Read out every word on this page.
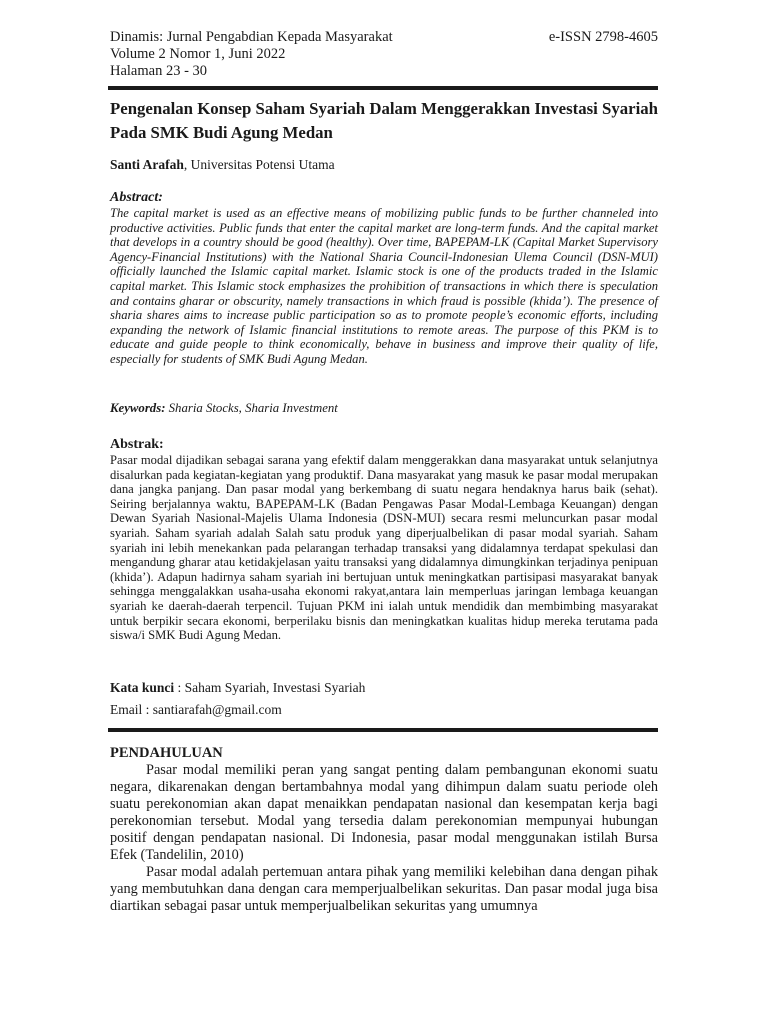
Dinamis: Jurnal Pengabdian Kepada Masyarakat
Volume 2 Nomor 1, Juni 2022
Halaman 23 - 30
e-ISSN 2798-4605
Pengenalan Konsep Saham Syariah Dalam Menggerakkan Investasi Syariah Pada SMK Budi Agung Medan
Santi Arafah, Universitas Potensi Utama
Abstract:
The capital market is used as an effective means of mobilizing public funds to be further channeled into productive activities. Public funds that enter the capital market are long-term funds. And the capital market that develops in a country should be good (healthy). Over time, BAPEPAM-LK (Capital Market Supervisory Agency-Financial Institutions) with the National Sharia Council-Indonesian Ulema Council (DSN-MUI) officially launched the Islamic capital market. Islamic stock is one of the products traded in the Islamic capital market. This Islamic stock emphasizes the prohibition of transactions in which there is speculation and contains gharar or obscurity, namely transactions in which fraud is possible (khida’). The presence of sharia shares aims to increase public participation so as to promote people’s economic efforts, including expanding the network of Islamic financial institutions to remote areas. The purpose of this PKM is to educate and guide people to think economically, behave in business and improve their quality of life, especially for students of SMK Budi Agung Medan.
Keywords: Sharia Stocks, Sharia Investment
Abstrak:
Pasar modal dijadikan sebagai sarana yang efektif dalam menggerakkan dana masyarakat untuk selanjutnya disalurkan pada kegiatan-kegiatan yang produktif. Dana masyarakat yang masuk ke pasar modal merupakan dana jangka panjang. Dan pasar modal yang berkembang di suatu negara hendaknya harus baik (sehat). Seiring berjalannya waktu, BAPEPAM-LK (Badan Pengawas Pasar Modal-Lembaga Keuangan) dengan Dewan Syariah Nasional-Majelis Ulama Indonesia (DSN-MUI) secara resmi meluncurkan pasar modal syariah. Saham syariah adalah Salah satu produk yang diperjualbelikan di pasar modal syariah. Saham syariah ini lebih menekankan pada pelarangan terhadap transaksi yang didalamnya terdapat spekulasi dan mengandung gharar atau ketidakjelasan yaitu transaksi yang didalamnya dimungkinkan terjadinya penipuan (khida’). Adapun hadirnya saham syariah ini bertujuan untuk meningkatkan partisipasi masyarakat banyak sehingga menggalakkan usaha-usaha ekonomi rakyat,antara lain memperluas jaringan lembaga keuangan syariah ke daerah-daerah terpencil. Tujuan PKM ini ialah untuk mendidik dan membimbing masyarakat untuk berpikir secara ekonomi, berperilaku bisnis dan meningkatkan kualitas hidup mereka terutama pada siswa/i SMK Budi Agung Medan.
Kata kunci : Saham Syariah, Investasi Syariah
Email : santiarafah@gmail.com
PENDAHULUAN

Pasar modal memiliki peran yang sangat penting dalam pembangunan ekonomi suatu negara, dikarenakan dengan bertambahnya modal yang dihimpun dalam suatu periode oleh suatu perekonomian akan dapat menaikkan pendapatan nasional dan kesempatan kerja bagi perekonomian tersebut. Modal yang tersedia dalam perekonomian mempunyai hubungan positif dengan pendapatan nasional. Di Indonesia, pasar modal menggunakan istilah Bursa Efek (Tandelilin, 2010)

Pasar modal adalah pertemuan antara pihak yang memiliki kelebihan dana dengan pihak yang membutuhkan dana dengan cara memperjualbelikan sekuritas. Dan pasar modal juga bisa diartikan sebagai pasar untuk memperjualbelikan sekuritas yang umumnya
